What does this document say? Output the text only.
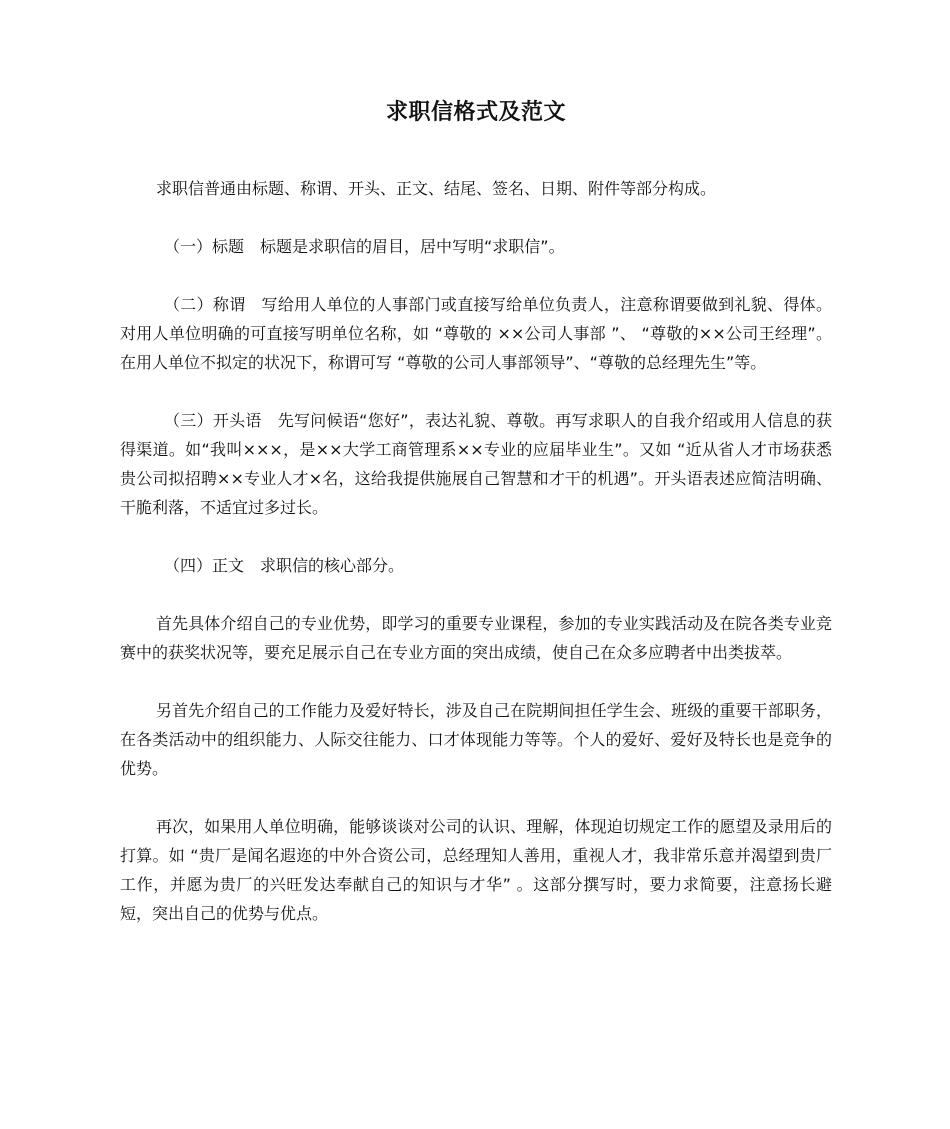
求职信格式及范文

求职信普通由标题、称谓、开头、正文、结尾、签名、日期、附件等部分构成。

（一）标题 标题是求职信的眉目，居中写明“求职信”。

（二）称谓 写给用人单位的人事部门或直接写给单位负责人，注意称谓要做到礼貌、得体。对用人单位明确的可直接写明单位名称，如 “尊敬的 ××公司人事部 ”、 “尊敬的××公司王经理”。在用人单位不拟定的状况下，称谓可写 “尊敬的公司人事部领导”、“尊敬的总经理先生”等。

（三）开头语 先写问候语“您好”，表达礼貌、尊敬。再写求职人的自我介绍或用人信息的获得渠道。如“我叫×××，是××大学工商管理系××专业的应届毕业生”。又如 “近从省人才市场获悉贵公司拟招聘××专业人才×名，这给我提供施展自己智慧和才干的机遇”。开头语表述应简洁明确、干脆利落，不适宜过多过长。

（四）正文 求职信的核心部分。

首先具体介绍自己的专业优势，即学习的重要专业课程，参加的专业实践活动及在院各类专业竞赛中的获奖状况等，要充足展示自己在专业方面的突出成绩，使自己在众多应聘者中出类拔萃。

另首先介绍自己的工作能力及爱好特长，涉及自己在院期间担任学生会、班级的重要干部职务，在各类活动中的组织能力、人际交往能力、口才体现能力等等。个人的爱好、爱好及特长也是竞争的优势。

再次，如果用人单位明确，能够谈谈对公司的认识、理解，体现迫切规定工作的愿望及录用后的打算。如 “贵厂是闻名遐迩的中外合资公司，总经理知人善用，重视人才，我非常乐意并渴望到贵厂工作，并愿为贵厂的兴旺发达奉献自己的知识与才华” 。这部分撰写时，要力求简要，注意扬长避短，突出自己的优势与优点。
